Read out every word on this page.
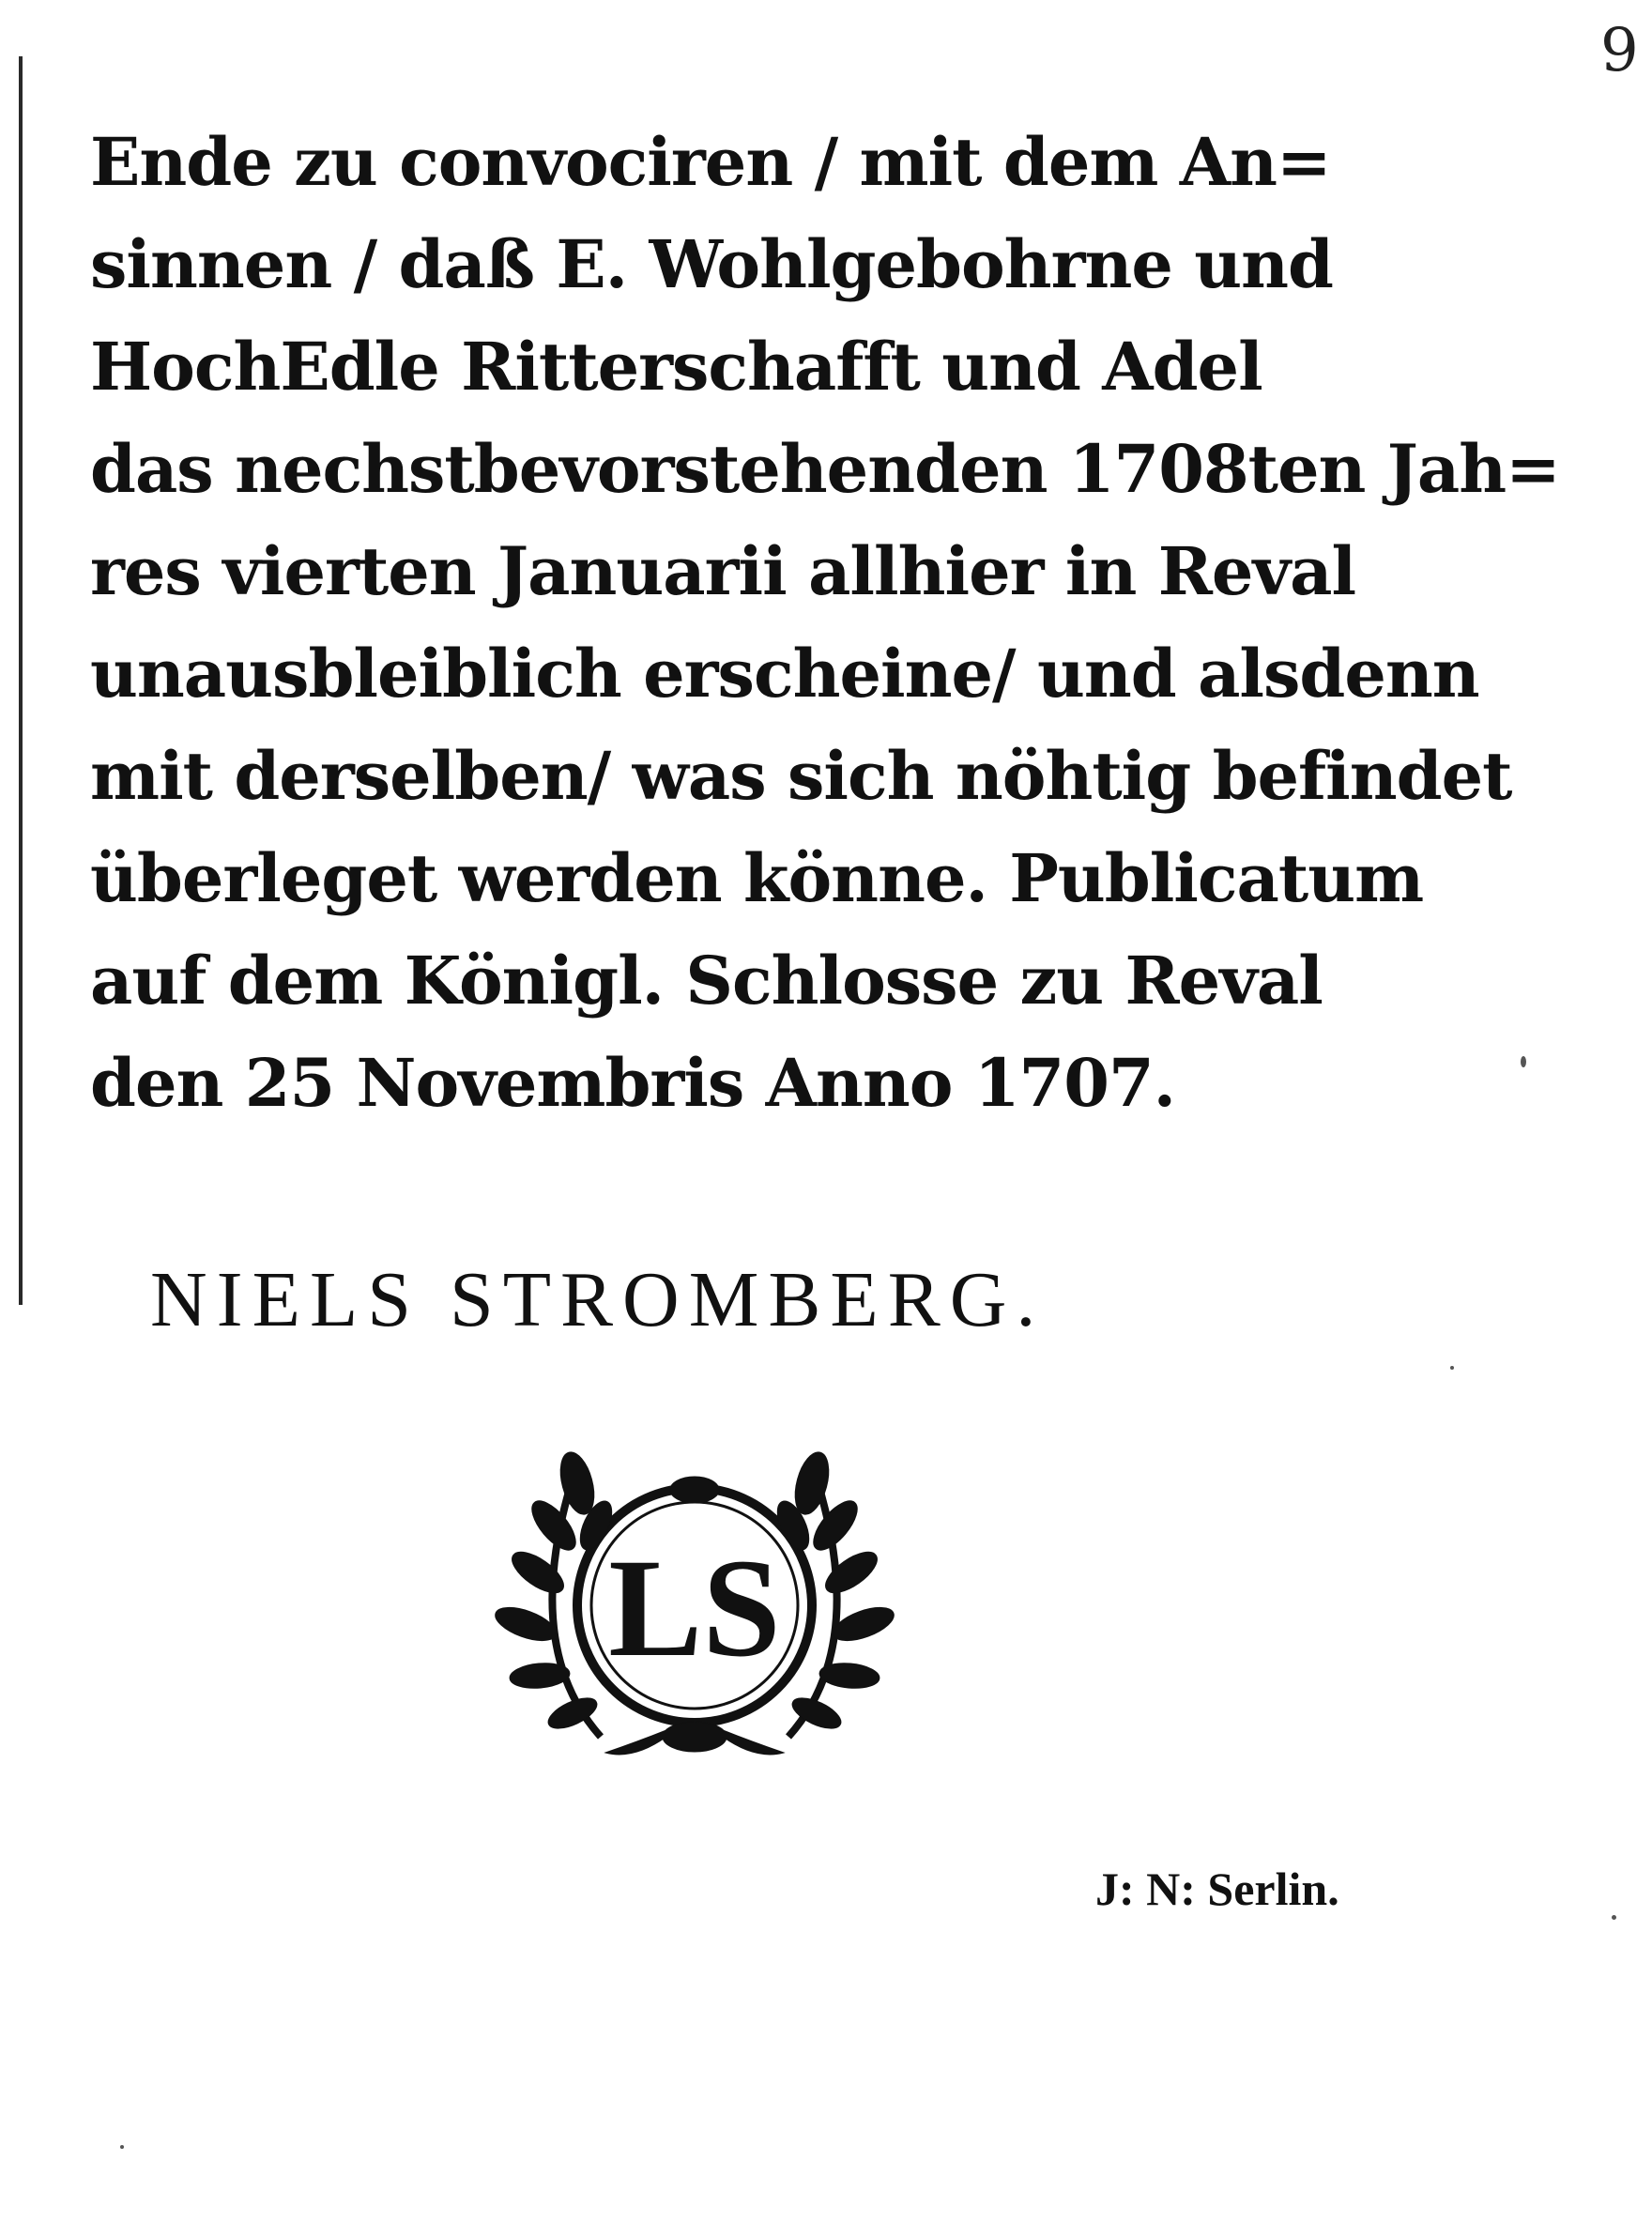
9
Ende zu convociren / mit dem An=
sinnen / daß E. Wohlgebohrne und
HochEdle Ritterschafft und Adel
das nechstbevorstehenden 1708ten Jah=
res vierten Januarii allhier in Reval
unausbleiblich erscheine/ und alsdenn
mit derselben/ was sich nöhtig befindet
überleget werden könne. Publicatum
auf dem Königl. Schlosse zu Reval
den 25 Novembris Anno 1707.
NIELS STROMBERG.
LS
J: N: Serlin.
